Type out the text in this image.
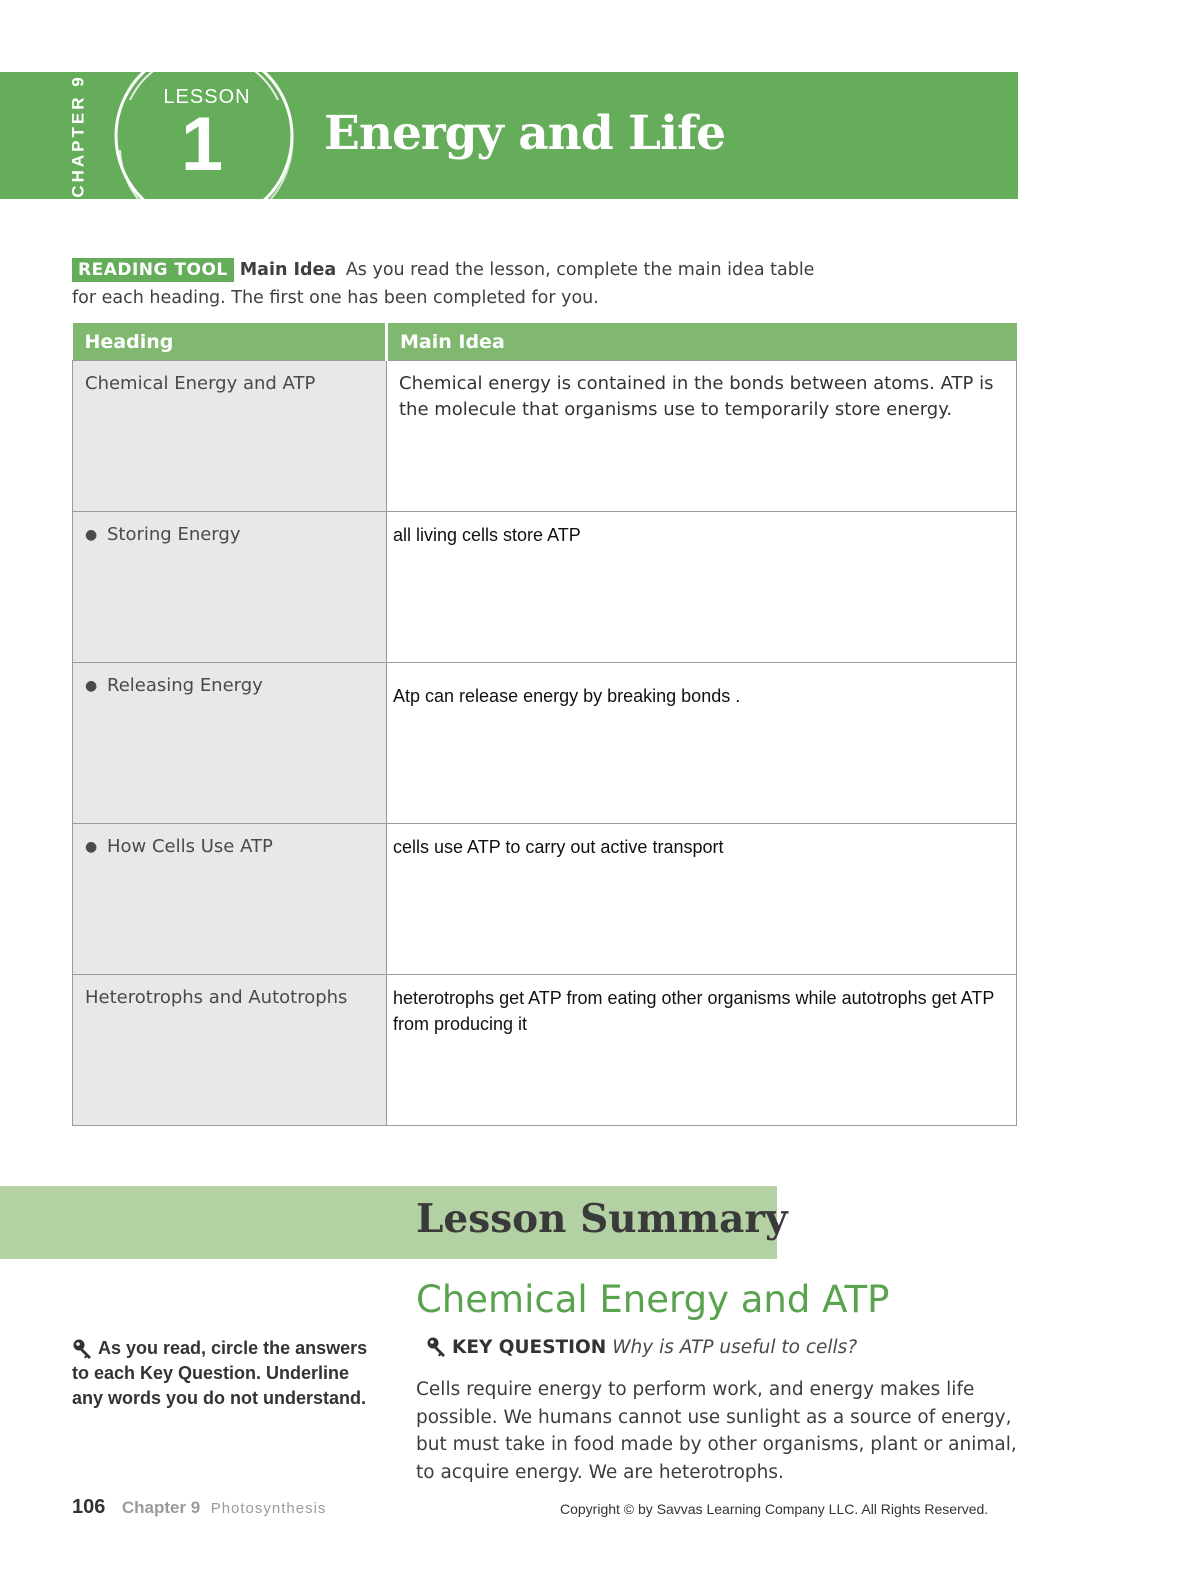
CHAPTER 9	LESSON
1	Energy and Life
READING TOOL Main Idea As you read the lesson, complete the main idea table for each heading. The first one has been completed for you.
Heading	Main Idea
Chemical Energy and ATP	Chemical energy is contained in the bonds between atoms. ATP is the molecule that organisms use to temporarily store energy.
● Storing Energy	all living cells store ATP
● Releasing Energy	Atp can release energy by breaking bonds .
● How Cells Use ATP	cells use ATP to carry out active transport
Heterotrophs and Autotrophs	heterotrophs get ATP from eating other organisms while autotrophs get ATP from producing it
Lesson Summary
Chemical Energy and ATP
KEY QUESTION Why is ATP useful to cells?
Cells require energy to perform work, and energy makes life possible. We humans cannot use sunlight as a source of energy, but must take in food made by other organisms, plant or animal, to acquire energy. We are heterotrophs.
As you read, circle the answers to each Key Question. Underline any words you do not understand.
106 Chapter 9 Photosynthesis	Copyright © by Savvas Learning Company LLC. All Rights Reserved.
